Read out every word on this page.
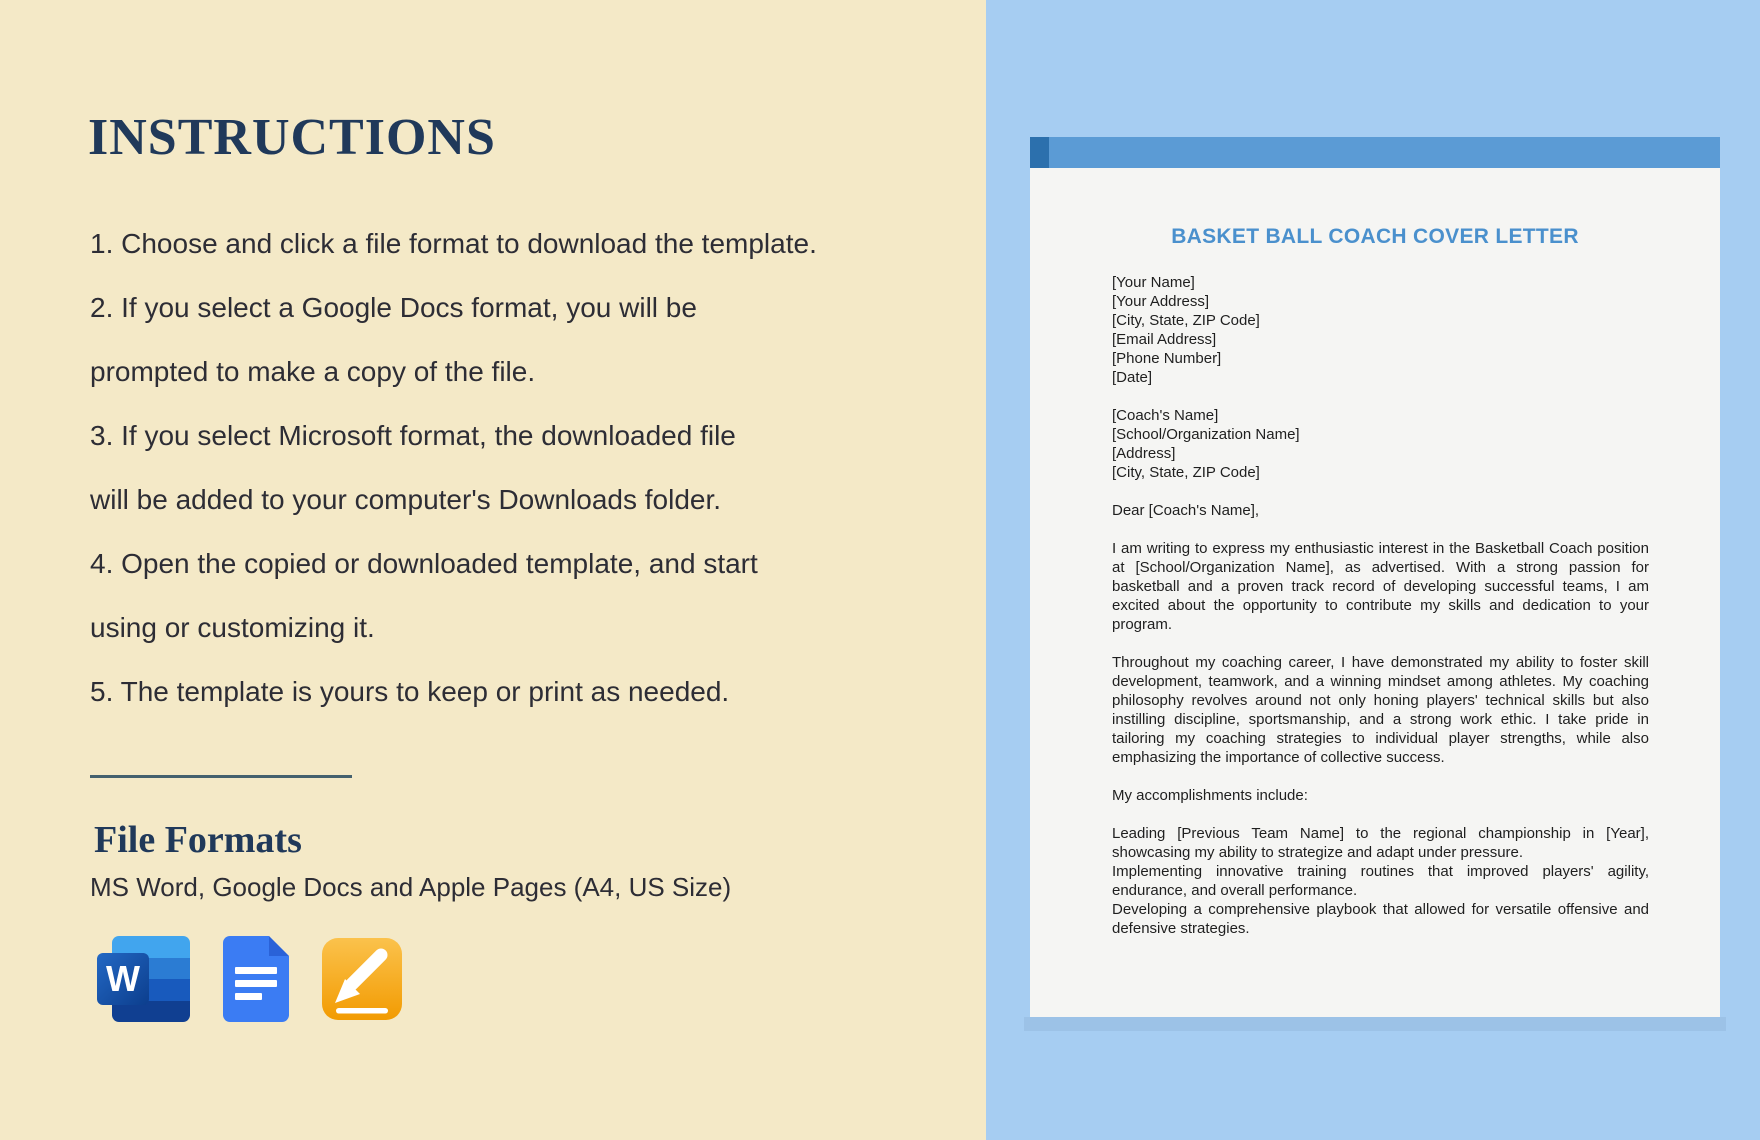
INSTRUCTIONS
1. Choose and click a file format to download the template.
2. If you select a Google Docs format, you will be
prompted to make a copy of the file.
3. If you select Microsoft format, the downloaded file
will be added to your computer's Downloads folder.
4. Open the copied or downloaded template, and start
using or customizing it.
5. The template is yours to keep or print as needed.
File Formats

MS Word, Google Docs and Apple Pages (A4, US Size)

W
BASKET BALL COACH COVER LETTER
[Your Name]
[Your Address]
[City, State, ZIP Code]
[Email Address]
[Phone Number]
[Date]
[Coach's Name]
[School/Organization Name]
[Address]
[City, State, ZIP Code]

Dear [Coach's Name],

I am writing to express my enthusiastic interest in the Basketball Coach position at [School/Organization Name], as advertised. With a strong passion for basketball and a proven track record of developing successful teams, I am excited about the opportunity to contribute my skills and dedication to your program.

Throughout my coaching career, I have demonstrated my ability to foster skill development, teamwork, and a winning mindset among athletes. My coaching philosophy revolves around not only honing players' technical skills but also instilling discipline, sportsmanship, and a strong work ethic. I take pride in tailoring my coaching strategies to individual player strengths, while also emphasizing the importance of collective success.

My accomplishments include:

Leading [Previous Team Name] to the regional championship in [Year], showcasing my ability to strategize and adapt under pressure.

Implementing innovative training routines that improved players' agility, endurance, and overall performance.

Developing a comprehensive playbook that allowed for versatile offensive and defensive strategies.
